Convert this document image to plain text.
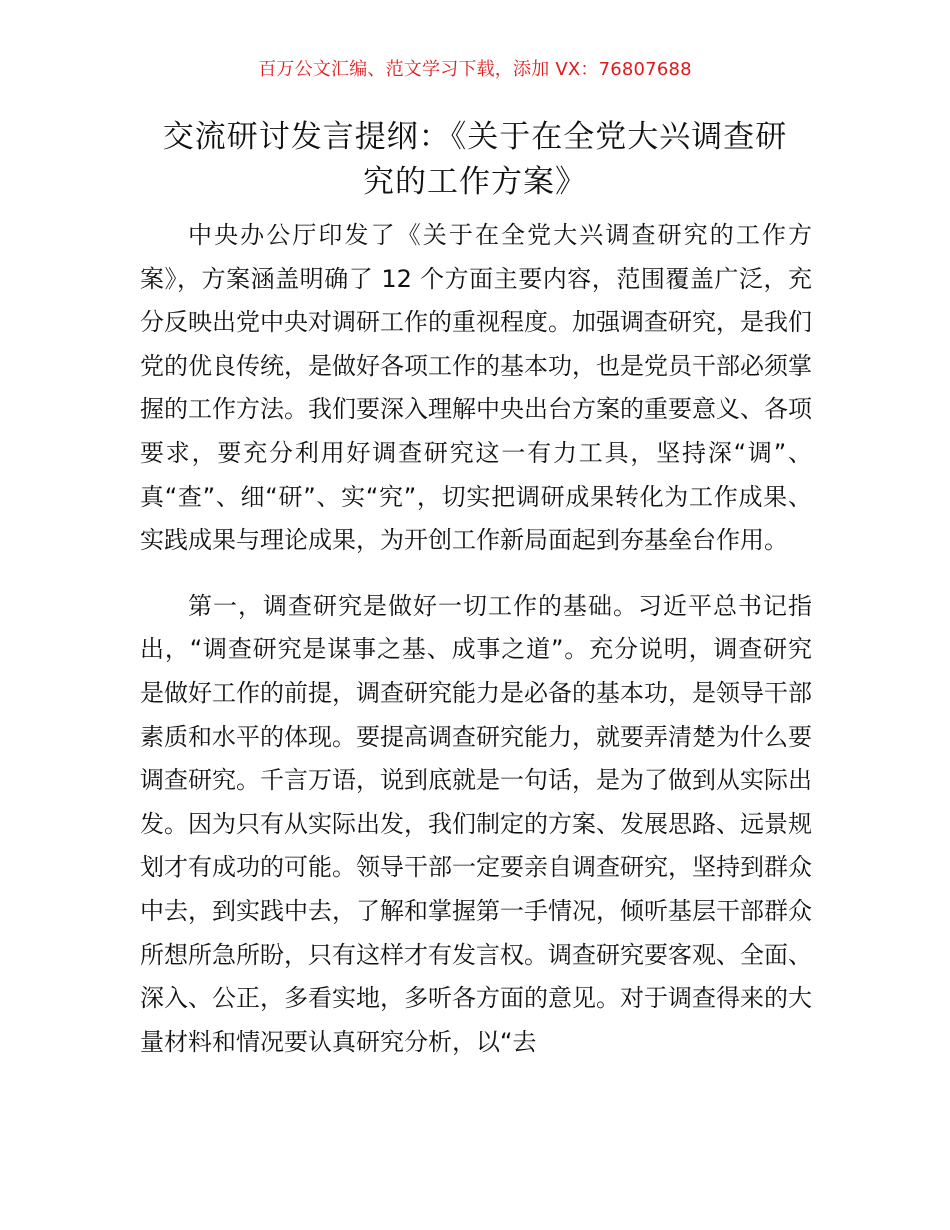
百万公文汇编、范文学习下载，添加 VX：76807688
交流研讨发言提纲：《关于在全党大兴调查研
究的工作方案》

中央办公厅印发了《关于在全党大兴调查研究的工作方案》，方案涵盖明确了 12 个方面主要内容，范围覆盖广泛，充分反映出党中央对调研工作的重视程度。加强调查研究，是我们党的优良传统，是做好各项工作的基本功，也是党员干部必须掌握的工作方法。我们要深入理解中央出台方案的重要意义、各项要求，要充分利用好调查研究这一有力工具，坚持深“调”、真“查”、细“研”、实“究”，切实把调研成果转化为工作成果、实践成果与理论成果，为开创工作新局面起到夯基垒台作用。

第一，调查研究是做好一切工作的基础。习近平总书记指出，“调查研究是谋事之基、成事之道”。充分说明，调查研究是做好工作的前提，调查研究能力是必备的基本功，是领导干部素质和水平的体现。要提高调查研究能力，就要弄清楚为什么要调查研究。千言万语，说到底就是一句话，是为了做到从实际出发。因为只有从实际出发，我们制定的方案、发展思路、远景规划才有成功的可能。领导干部一定要亲自调查研究，坚持到群众中去，到实践中去，了解和掌握第一手情况，倾听基层干部群众所想所急所盼，只有这样才有发言权。调查研究要客观、全面、深入、公正，多看实地，多听各方面的意见。对于调查得来的大量材料和情况要认真研究分析，以“去
